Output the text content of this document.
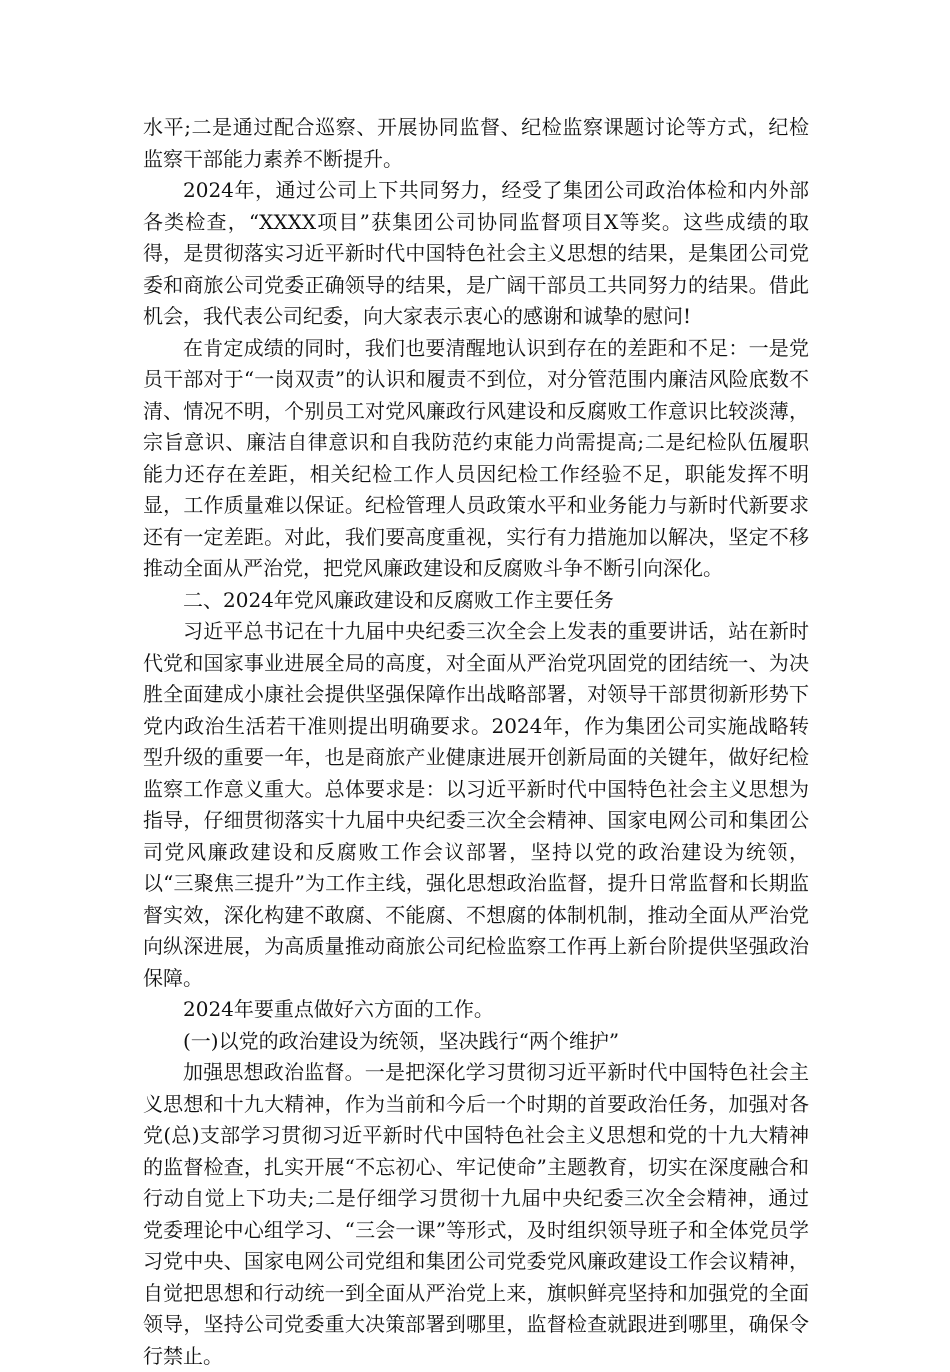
水平;二是通过配合巡察、开展协同监督、纪检监察课题讨论等方式，纪检监察干部能力素养不断提升。

2024年，通过公司上下共同努力，经受了集团公司政治体检和内外部各类检查，“XXXX项目”获集团公司协同监督项目X等奖。这些成绩的取得，是贯彻落实习近平新时代中国特色社会主义思想的结果，是集团公司党委和商旅公司党委正确领导的结果，是广阔干部员工共同努力的结果。借此机会，我代表公司纪委，向大家表示衷心的感谢和诚挚的慰问!

在肯定成绩的同时，我们也要清醒地认识到存在的差距和不足：一是党员干部对于“一岗双责”的认识和履责不到位，对分管范围内廉洁风险底数不清、情况不明，个别员工对党风廉政行风建设和反腐败工作意识比较淡薄，宗旨意识、廉洁自律意识和自我防范约束能力尚需提高;二是纪检队伍履职能力还存在差距，相关纪检工作人员因纪检工作经验不足，职能发挥不明显，工作质量难以保证。纪检管理人员政策水平和业务能力与新时代新要求还有一定差距。对此，我们要高度重视，实行有力措施加以解决，坚定不移推动全面从严治党，把党风廉政建设和反腐败斗争不断引向深化。

二、2024年党风廉政建设和反腐败工作主要任务

习近平总书记在十九届中央纪委三次全会上发表的重要讲话，站在新时代党和国家事业进展全局的高度，对全面从严治党巩固党的团结统一、为决胜全面建成小康社会提供坚强保障作出战略部署，对领导干部贯彻新形势下党内政治生活若干准则提出明确要求。2024年，作为集团公司实施战略转型升级的重要一年，也是商旅产业健康进展开创新局面的关键年，做好纪检监察工作意义重大。总体要求是：以习近平新时代中国特色社会主义思想为指导，仔细贯彻落实十九届中央纪委三次全会精神、国家电网公司和集团公司党风廉政建设和反腐败工作会议部署，坚持以党的政治建设为统领，以“三聚焦三提升”为工作主线，强化思想政治监督，提升日常监督和长期监督实效，深化构建不敢腐、不能腐、不想腐的体制机制，推动全面从严治党向纵深进展，为高质量推动商旅公司纪检监察工作再上新台阶提供坚强政治保障。

2024年要重点做好六方面的工作。

(一)以党的政治建设为统领，坚决践行“两个维护”

加强思想政治监督。一是把深化学习贯彻习近平新时代中国特色社会主义思想和十九大精神，作为当前和今后一个时期的首要政治任务，加强对各党(总)支部学习贯彻习近平新时代中国特色社会主义思想和党的十九大精神的监督检查，扎实开展“不忘初心、牢记使命”主题教育，切实在深度融合和行动自觉上下功夫;二是仔细学习贯彻十九届中央纪委三次全会精神，通过党委理论中心组学习、“三会一课”等形式，及时组织领导班子和全体党员学习党中央、国家电网公司党组和集团公司党委党风廉政建设工作会议精神，自觉把思想和行动统一到全面从严治党上来，旗帜鲜亮坚持和加强党的全面领导，坚持公司党委重大决策部署到哪里，监督检查就跟进到哪里，确保令行禁止。
